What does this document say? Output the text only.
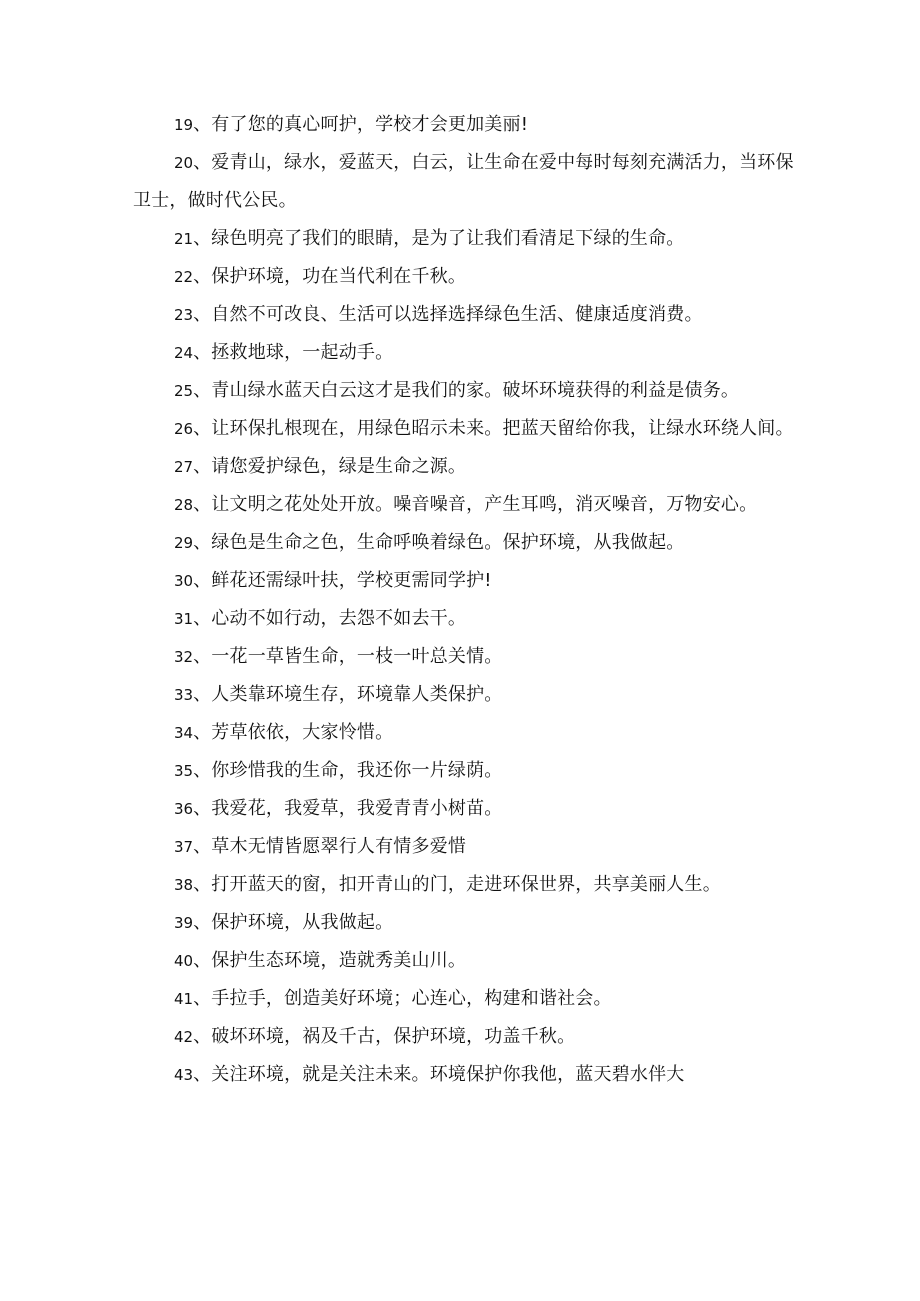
19、有了您的真心呵护，学校才会更加美丽!
20、爱青山，绿水，爱蓝天，白云，让生命在爱中每时每刻充满活力，当环保卫士，做时代公民。
21、绿色明亮了我们的眼睛，是为了让我们看清足下绿的生命。
22、保护环境，功在当代利在千秋。
23、自然不可改良、生活可以选择选择绿色生活、健康适度消费。
24、拯救地球，一起动手。
25、青山绿水蓝天白云这才是我们的家。破坏环境获得的利益是债务。
26、让环保扎根现在，用绿色昭示未来。把蓝天留给你我，让绿水环绕人间。
27、请您爱护绿色，绿是生命之源。
28、让文明之花处处开放。噪音噪音，产生耳鸣，消灭噪音，万物安心。
29、绿色是生命之色，生命呼唤着绿色。保护环境，从我做起。
30、鲜花还需绿叶扶，学校更需同学护!
31、心动不如行动，去怨不如去干。
32、一花一草皆生命，一枝一叶总关情。
33、人类靠环境生存，环境靠人类保护。
34、芳草依依，大家怜惜。
35、你珍惜我的生命，我还你一片绿荫。
36、我爱花，我爱草，我爱青青小树苗。
37、草木无情皆愿翠行人有情多爱惜
38、打开蓝天的窗，扣开青山的门，走进环保世界，共享美丽人生。
39、保护环境，从我做起。
40、保护生态环境，造就秀美山川。
41、手拉手，创造美好环境；心连心，构建和谐社会。
42、破坏环境，祸及千古，保护环境，功盖千秋。
43、关注环境，就是关注未来。环境保护你我他，蓝天碧水伴大
